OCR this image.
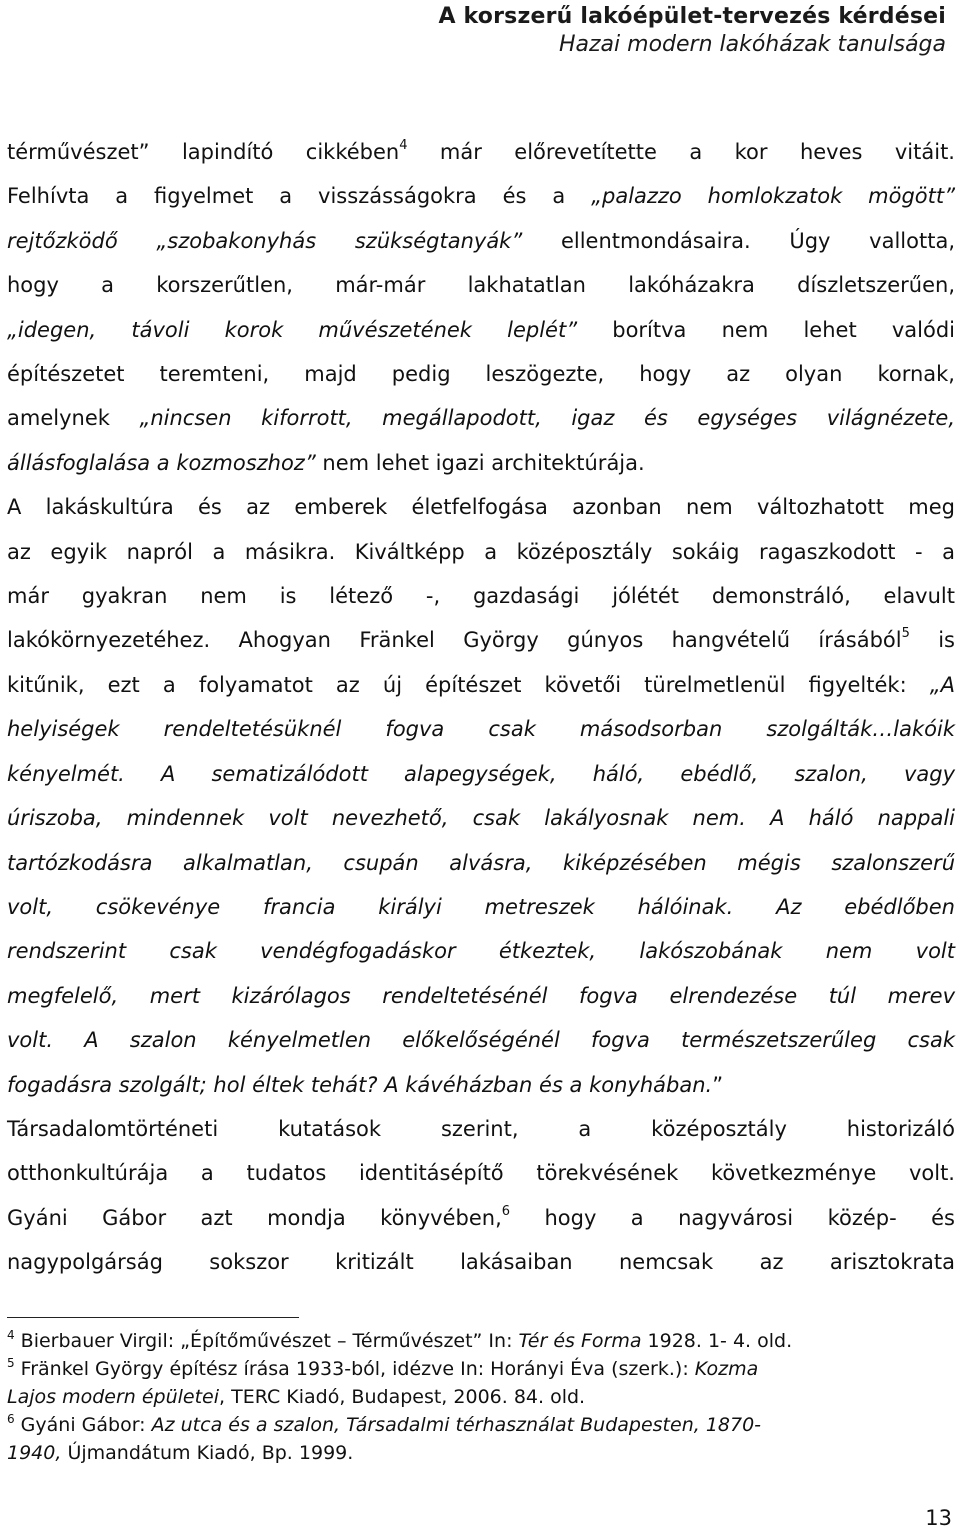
A korszerű lakóépület-tervezés kérdései
Hazai modern lakóházak tanulsága
térművészet” lapindító cikkében$^4$ már előrevetítette a kor heves vitáit.
Felhívta a figyelmet a visszásságokra és a „palazzo homlokzatok mögött”
rejtőzködő „szobakonyhás szükségtanyák” ellentmondásaira. Úgy vallotta,
hogy a korszerűtlen, már-már lakhatatlan lakóházakra díszletszerűen,
„idegen, távoli korok művészetének leplét” borítva nem lehet valódi
építészetet teremteni, majd pedig leszögezte, hogy az olyan kornak,
amelynek „nincsen kiforrott, megállapodott, igaz és egységes világnézete,
állásfoglalása a kozmoszhoz” nem lehet igazi architektúrája.
A lakáskultúra és az emberek életfelfogása azonban nem változhatott meg
az egyik napról a másikra. Kiváltképp a középosztály sokáig ragaszkodott - a
már gyakran nem is létező -, gazdasági jólétét demonstráló, elavult
lakókörnyezetéhez. Ahogyan Fränkel György gúnyos hangvételű írásából$^5$ is
kitűnik, ezt a folyamatot az új építészet követői türelmetlenül figyelték: „A
helyiségek rendeltetésüknél fogva csak másodsorban szolgálták…lakóik
kényelmét. A sematizálódott alapegységek, háló, ebédlő, szalon, vagy
úriszoba, mindennek volt nevezhető, csak lakályosnak nem. A háló nappali
tartózkodásra alkalmatlan, csupán alvásra, kiképzésében mégis szalonszerű
volt, csökevénye francia királyi metreszek hálóinak. Az ebédlőben
rendszerint csak vendégfogadáskor étkeztek, lakószobának nem volt
megfelelő, mert kizárólagos rendeltetésénél fogva elrendezése túl merev
volt. A szalon kényelmetlen előkelőségénél fogva természetszerűleg csak
fogadásra szolgált; hol éltek tehát? A kávéházban és a konyhában.”
Társadalomtörténeti kutatások szerint, a középosztály historizáló
otthonkultúrája a tudatos identitásépítő törekvésének következménye volt.
Gyáni Gábor azt mondja könyvében,$^6$ hogy a nagyvárosi közép- és
nagypolgárság sokszor kritizált lakásaiban nemcsak az arisztokrata
$^4$ Bierbauer Virgil: „Építőművészet – Térművészet” In: Tér és Forma 1928. 1- 4. old.
$^5$ Fränkel György építész írása 1933-ból, idézve In: Horányi Éva (szerk.): Kozma
Lajos modern épületei, TERC Kiadó, Budapest, 2006. 84. old.
$^6$ Gyáni Gábor: Az utca és a szalon, Társadalmi térhasználat Budapesten, 1870-
1940, Újmandátum Kiadó, Bp. 1999.
13
